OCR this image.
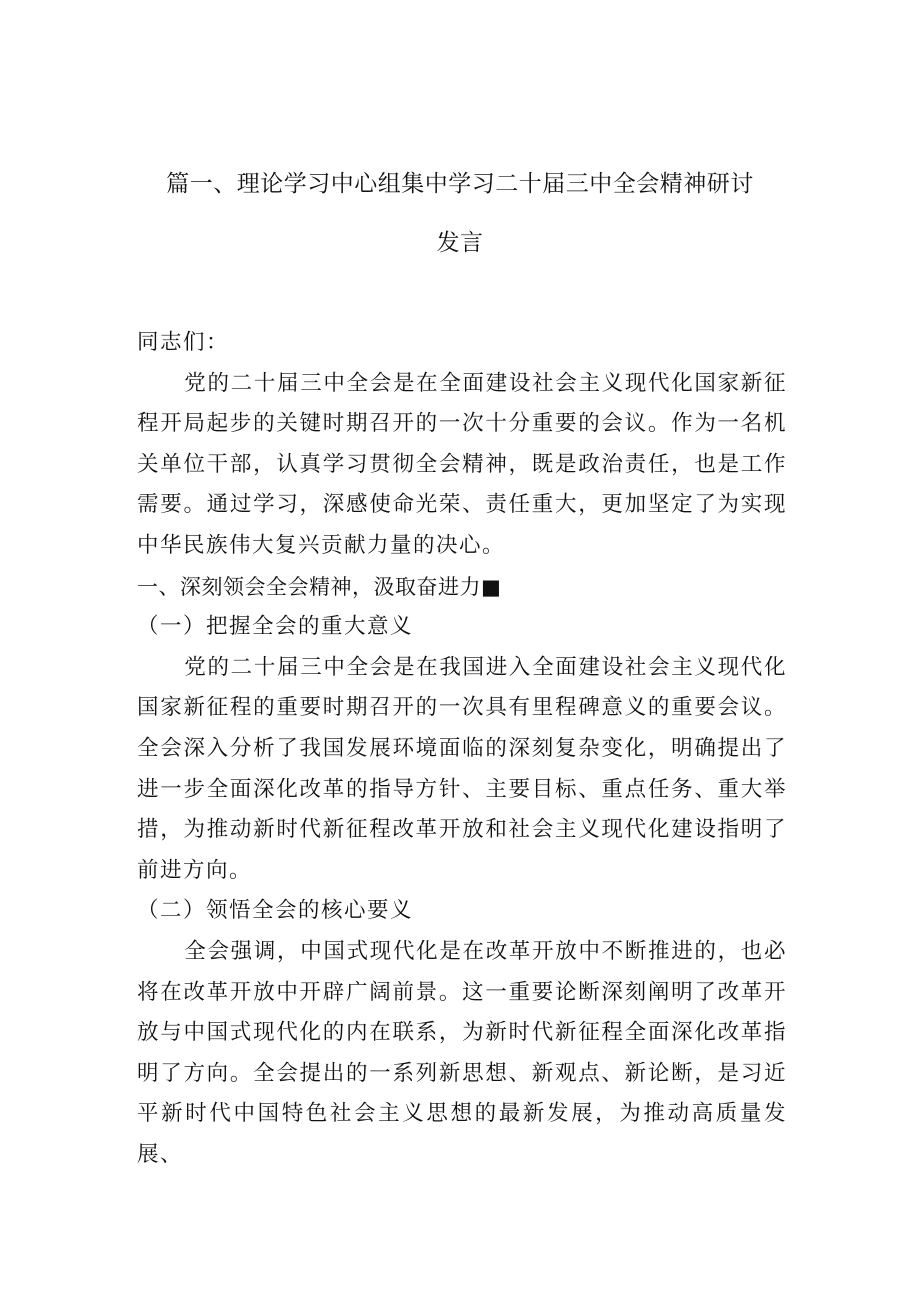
篇一、理论学习中心组集中学习二十届三中全会精神研讨
发言

同志们：

党的二十届三中全会是在全面建设社会主义现代化国家新征程开局起步的关键时期召开的一次十分重要的会议。作为一名机关单位干部，认真学习贯彻全会精神，既是政治责任，也是工作需要。通过学习，深感使命光荣、责任重大，更加坚定了为实现中华民族伟大复兴贡献力量的决心。

一、深刻领会全会精神，汲取奋进力■

（一）把握全会的重大意义

党的二十届三中全会是在我国进入全面建设社会主义现代化国家新征程的重要时期召开的一次具有里程碑意义的重要会议。全会深入分析了我国发展环境面临的深刻复杂变化，明确提出了进一步全面深化改革的指导方针、主要目标、重点任务、重大举措，为推动新时代新征程改革开放和社会主义现代化建设指明了前进方向。

（二）领悟全会的核心要义

全会强调，中国式现代化是在改革开放中不断推进的，也必将在改革开放中开辟广阔前景。这一重要论断深刻阐明了改革开放与中国式现代化的内在联系，为新时代新征程全面深化改革指明了方向。全会提出的一系列新思想、新观点、新论断，是习近平新时代中国特色社会主义思想的最新发展，为推动高质量发展、
